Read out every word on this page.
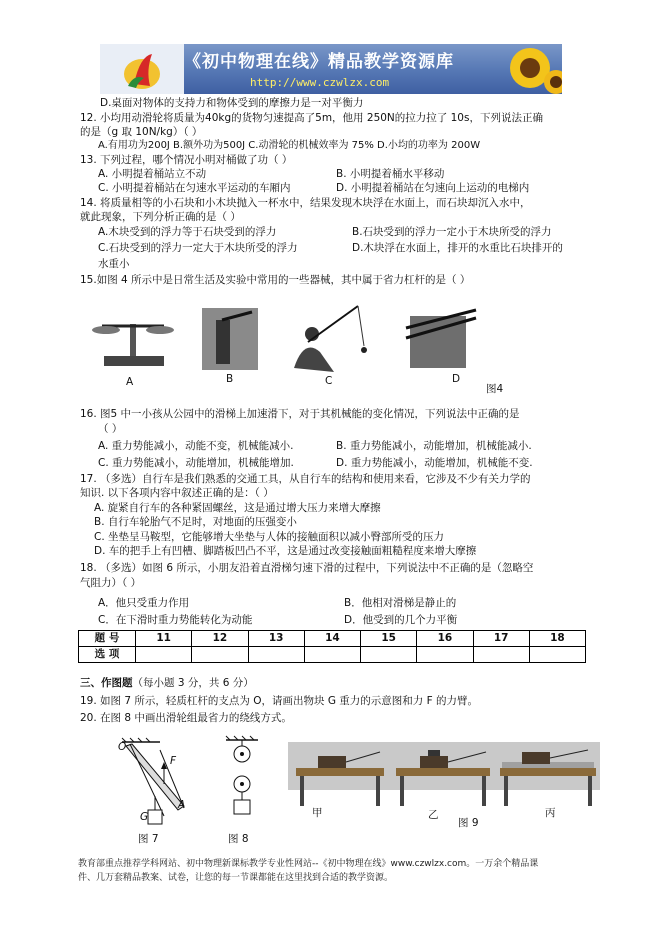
《初中物理在线》精品教学资源库
http://www.czwlzx.com
D.桌面对物体的支持力和物体受到的摩擦力是一对平衡力
12. 小均用动滑轮将质量为40kg的货物匀速提高了5m，他用 250N的拉力拉了 10s，下列说法正确
的是（g 取 10N/kg）（ ）
A.有用功为200J B.额外功为500J C.动滑轮的机械效率为 75% D.小均的功率为 200W
13. 下列过程，哪个情况小明对桶做了功（ ）
A. 小明提着桶站立不动	B. 小明提着桶水平移动
C. 小明提着桶站在匀速水平运动的车厢内	D. 小明提着桶站在匀速向上运动的电梯内
14. 将质量相等的小石块和小木块抛入一杯水中，结果发现木块浮在水面上，而石块却沉入水中，
就此现象，下列分析正确的是（ ）
A.木块受到的浮力等于石块受到的浮力	B.石块受到的浮力一定小于木块所受的浮力
C.石块受到的浮力一定大于木块所受的浮力	D.木块浮在水面上，排开的水重比石块排开的
水重小
15.如图 4 所示中是日常生活及实验中常用的一些器械，其中属于省力杠杆的是（ ）
A	B	C	D
图4
16. 图5 中一小孩从公园中的滑梯上加速滑下，对于其机械能的变化情况，下列说法中正确的是
（ ）
A. 重力势能减小，动能不变，机械能减小.	B. 重力势能减小，动能增加，机械能减小.
C. 重力势能减小，动能增加，机械能增加.	D. 重力势能减小，动能增加，机械能不变.
17. （多选）自行车是我们熟悉的交通工具，从自行车的结构和使用来看，它涉及不少有关力学的
知识. 以下各项内容中叙述正确的是：（ ）
A. 旋紧自行车的各种紧固螺丝，这是通过增大压力来增大摩擦
B. 自行车轮胎气不足时，对地面的压强变小
C. 坐垫呈马鞍型，它能够增大坐垫与人体的接触面积以减小臀部所受的压力
D. 车的把手上有凹槽、脚踏板凹凸不平，这是通过改变接触面粗糙程度来增大摩擦
18. （多选）如图 6 所示，小朋友沿着直滑梯匀速下滑的过程中，下列说法中不正确的是（忽略空
气阻力）（ ）
A．他只受重力作用	B．他相对滑梯是静止的
C．在下滑时重力势能转化为动能	D．他受到的几个力平衡
题 号	11	12	13	14	15	16	17	18
选 项								
三、作图题（每小题 3 分，共 6 分）
19. 如图 7 所示，轻质杠杆的支点为 O，请画出物块 G 重力的示意图和力 F 的力臂。
20. 在图 8 中画出滑轮组最省力的绕线方式。
O
F
G
A
图 7	图 8
甲	乙	丙
图 9
教育部重点推荐学科网站、初中物理新课标教学专业性网站--《初中物理在线》www.czwlzx.com。一万余个精品课
件、几万套精品教案、试卷，让您的每一节课都能在这里找到合适的教学资源。
